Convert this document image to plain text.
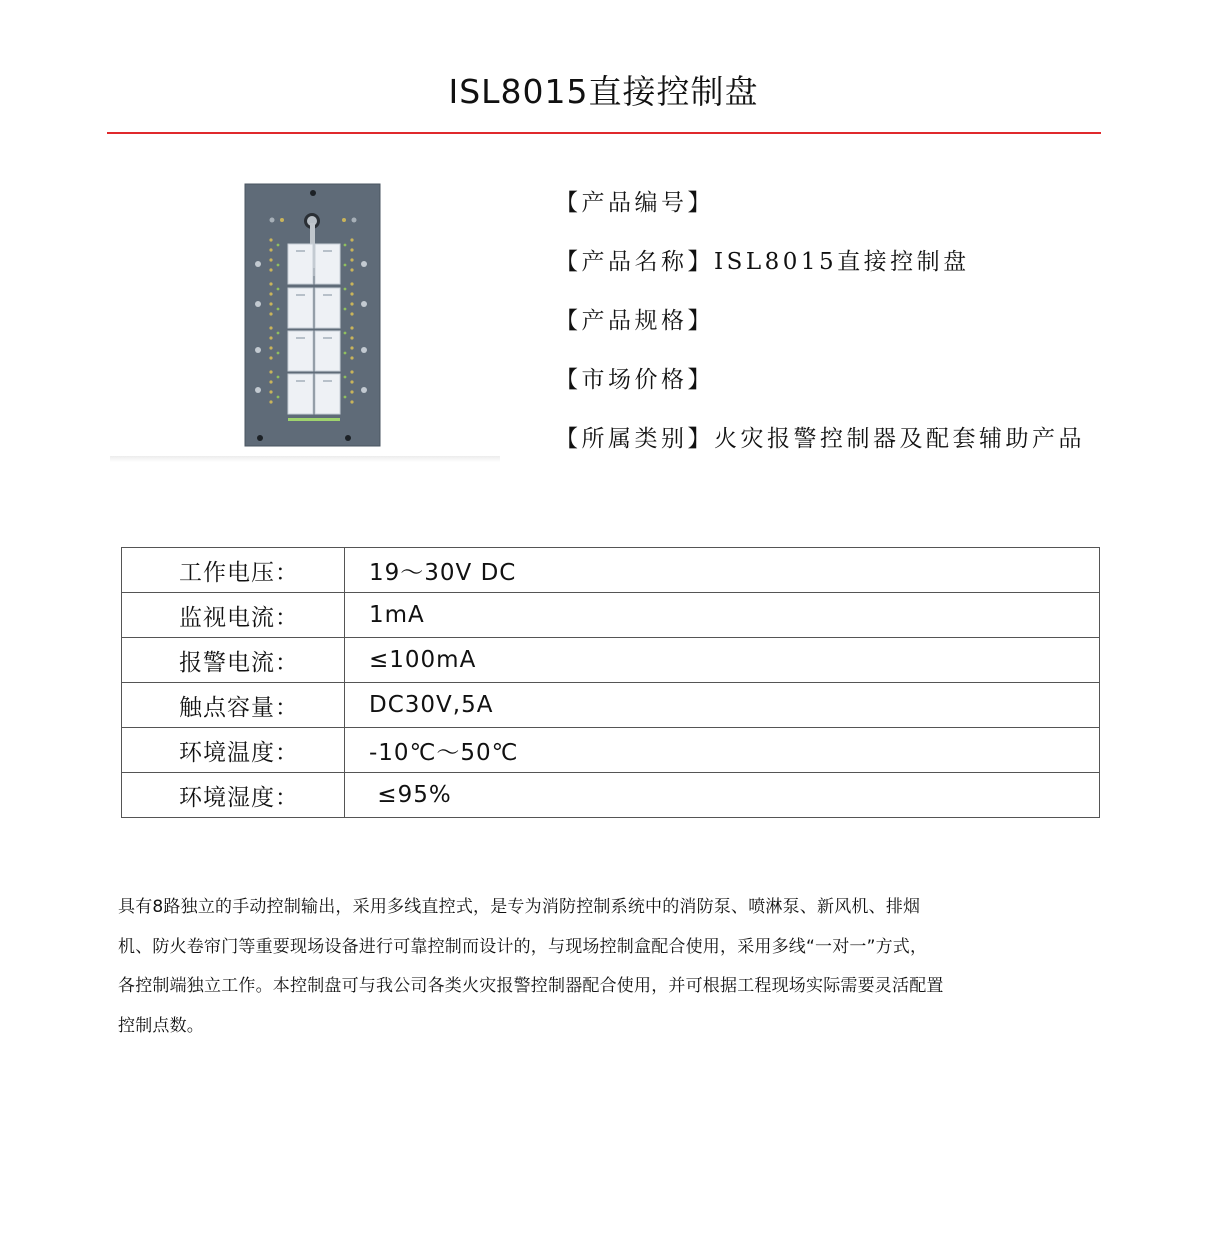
ISL8015直接控制盘
【产品编号】
【产品名称】ISL8015直接控制盘
【产品规格】
【市场价格】
【所属类别】火灾报警控制器及配套辅助产品
工作电压：	19～30V DC
监视电流：	1mA
报警电流：	≤100mA
触点容量：	DC30V,5A
环境温度：	-10℃～50℃
环境湿度：	≤95%

具有8路独立的手动控制输出，采用多线直控式，是专为消防控制系统中的消防泵、喷淋泵、新风机、排烟

机、防火卷帘门等重要现场设备进行可靠控制而设计的，与现场控制盒配合使用，采用多线“一对一”方式，

各控制端独立工作。本控制盘可与我公司各类火灾报警控制器配合使用，并可根据工程现场实际需要灵活配置

控制点数。
